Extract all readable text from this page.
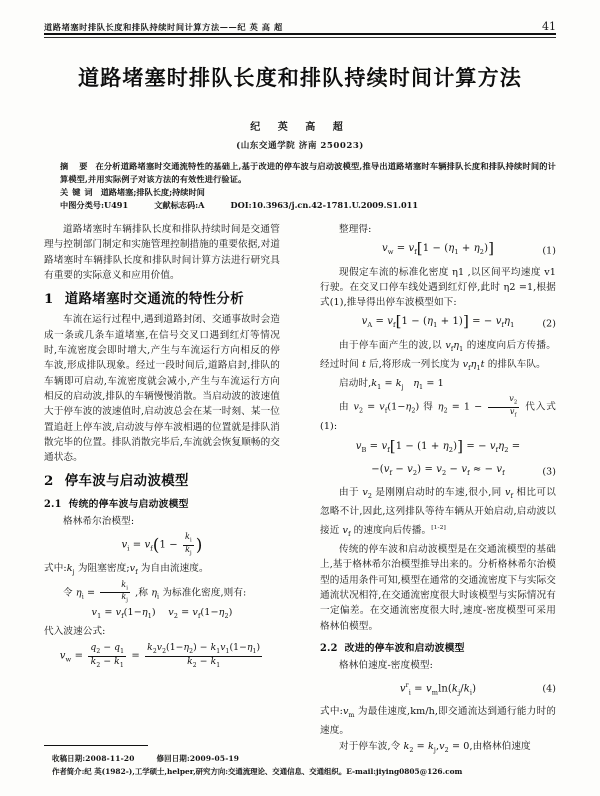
道路堵塞时排队长度和排队持续时间计算方法——纪 英 高 超	41
道路堵塞时排队长度和排队持续时间计算方法
纪 英 高 超
(山东交通学院 济南 250023)
摘 要 在分析道路堵塞时交通流特性的基础上,基于改进的停车波与启动波模型,推导出道路堵塞时车辆排队长度和排队持续时间的计算模型,并用实际例子对该方法的有效性进行验证。
关键词 道路堵塞;排队长度;持续时间
中图分类号:U491	文献标志码:A	DOI:10.3963/j.cn.42-1781.U.2009.S1.011

道路堵塞时车辆排队长度和排队持续时间是交通管理与控制部门制定和实施管理控制措施的重要依据,对道路堵塞时车辆排队长度和排队时间计算方法进行研究具有重要的实际意义和应用价值。

1 道路堵塞时交通流的特性分析

车流在运行过程中,遇到道路封闭、交通事故时会造成一条或几条车道堵塞,在信号交叉口遇到红灯等情况时,车流密度会即时增大,产生与车流运行方向相反的停车波,形成排队现象。经过一段时间后,道路启封,排队的车辆即可启动,车流密度就会减小,产生与车流运行方向相反的启动波,排队的车辆慢慢消散。当启动波的波速值大于停车波的波速值时,启动波总会在某一时刻、某一位置追赶上停车波,启动波与停车波相遇的位置就是排队消散完毕的位置。排队消散完毕后,车流就会恢复顺畅的交通状态。

2 停车波与启动波模型
2.1 传统的停车波与启动波模型

格林希尔治模型:

$v_i = v_f(1 - \frac{k_i}{k_j}$ )

式中$:k_j$ 为阻塞密度$;v_f$ 为自由流速度。

令 $\eta_i = \frac{k_i}{k_j}$ ,称 $\eta_i$ 为标准化密度,则有:

$v_1 = v_f(1-\eta_1)$    $v_2 = v_f(1-\eta_2)$

代入波速公式:

$v_w = \frac{q_2 - q_1}{k_2 - k_1} = \frac{k_2v_2(1-\eta_2) - k_1v_1(1-\eta_1)}{k_2 - k_1}$

整理得:

$v_w = v_f[1 - (\eta_1 + \eta_2)]$	(1)

现假定车流的标准化密度 η1 ,以区间平均速度 v1 行驶。在交叉口停车线处遇到红灯停,此时 η2 =1,根据式(1),推导得出停车波模型如下:

$v_A = v_f[1 - (\eta_1 + 1)]$ = − $v_f\eta_1$	(2)

由于停车面产生的波,以 $v_f\eta_1$ 的速度向后方传播。经过时间 t 后,将形成一列长度为 $v_f\eta_1t$ 的排队车队。

启动时$,k_1 = k_j$ $\eta_1 = 1$

由 $v_2 = v_f(1-\eta_2)$ 得 $\eta_2 = 1 - \frac{v_2}{v_f}$ 代入式(1):

$v_B = v_f[1 - (1 + \eta_2)]$ = − $v_f\eta_2$ =
$-(v_f - v_2) = v_2 - v_f$ ≈ − $v_f$	(3)

由于 $v_2$ 是刚刚启动时的车速,很小,同 $v_f$ 相比可以忽略不计,因此,这列排队等待车辆从开始启动,启动波以接近 $v_f$ 的速度向后传播。[1-2]

传统的停车波和启动波模型是在交通流模型的基础上,基于格林希尔治模型推导出来的。分析格林希尔治模型的适用条件可知,模型在通常的交通流密度下与实际交通流状况相符,在交通流密度很大时该模型与实际情况有一定偏差。在交通流密度很大时,速度-密度模型可采用格林伯模型。

2.2 改进的停车波和启动波模型

格林伯速度-密度模型:

$v^r_i = v_m\ln(k_j/k_i)$	(4)

式中$:v_m$ 为最佳速度,km/h,即交通流达到通行能力时的速度。

对于停车波,令 $k_2 = k_j,v_2 = 0$,由格林伯速度

收稿日期:2008-11-20	修回日期:2009-05-19
作者简介:纪 英(1982-),工学硕士,helper,研究方向:交通流理论、交通信息、交通组织。E-mail:jiying0805@126.com
